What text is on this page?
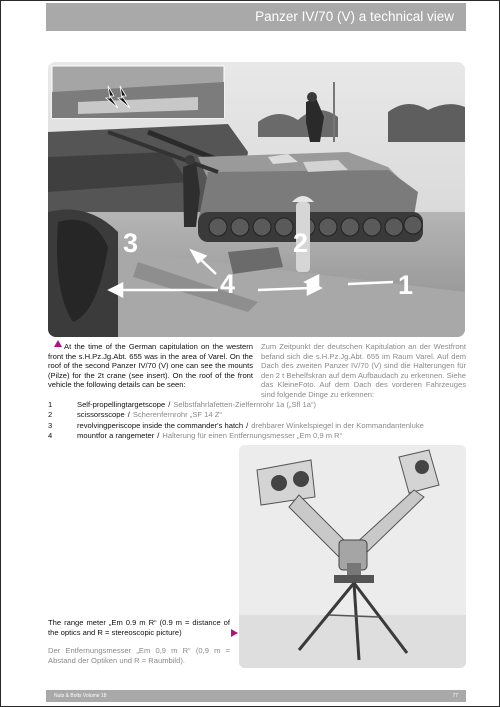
Panzer IV/70 (V) a technical view
3	2
4	1

At the time of the German capitulation on the western front the s.H.Pz.Jg.Abt. 655 was in the area of Varel. On the roof of the second Panzer IV/70 (V) one can see the mounts (Pilze) for the 2t crane (see insert). On the roof of the front vehicle the following details can be seen:

Zum Zeitpunkt der deutschen Kapitulation an der Westfront befand sich die s.H.Pz.Jg.Abt. 655 im Raum Varel. Auf dem Dach des zweiten Panzer IV/70 (V) sind die Halterungen für den 2 t Behelfskran auf dem Aufbaudach zu erkennen. Siehe das KleineFoto. Auf dem Dach des vorderen Fahrzeuges sind folgende Dinge zu erkennen:

1	Self-propellingtargetscope / Selbstfahrlafetten-Zielfernrohr 1a („Sfl 1a“)
2	scissorsscope / Scherenfernrohr „SF 14 Z“
3	revolvingperiscope inside the commander's hatch / drehbarer Winkelspiegel in der Kommandantenluke
4	mountfor a rangemeter / Halterung für einen Entfernungsmesser „Em 0,9 m R“

The range meter „Em 0.9 m R“ (0.9 m = distance of the optics and R = stereoscopic picture)

Der Entfernungsmesser „Em 0,9 m R“ (0,9 m = Abstand der Optiken und R = Raumbild).

Nuts & Bolts Volume 18	77
